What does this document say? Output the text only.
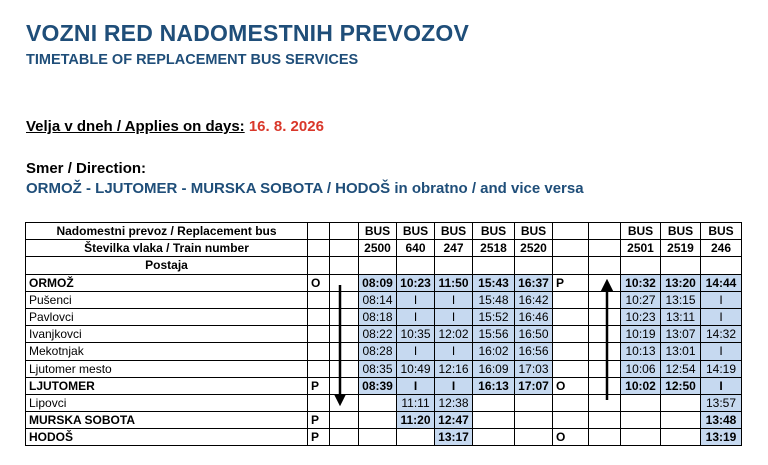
VOZNI RED NADOMESTNIH PREVOZOV
TIMETABLE OF REPLACEMENT BUS SERVICES
Velja v dneh / Applies on days: 16. 8. 2026
Smer / Direction:
ORMOŽ - LJUTOMER - MURSKA SOBOTA / HODOŠ in obratno / and vice versa
Nadomestni prevoz / Replacement bus			BUS	BUS	BUS	BUS	BUS			BUS	BUS	BUS
Številka vlaka / Train number			2500	640	247	2518	2520			2501	2519	246
Postaja												
ORMOŽ	O		08:09	10:23	11:50	15:43	16:37	P		10:32	13:20	14:44
Pušenci			08:14	I	I	15:48	16:42			10:27	13:15	I
Pavlovci			08:18	I	I	15:52	16:46			10:23	13:11	I
Ivanjkovci			08:22	10:35	12:02	15:56	16:50			10:19	13:07	14:32
Mekotnjak			08:28	I	I	16:02	16:56			10:13	13:01	I
Ljutomer mesto			08:35	10:49	12:16	16:09	17:03			10:06	12:54	14:19
LJUTOMER	P		08:39	I	I	16:13	17:07	O		10:02	12:50	I
Lipovci				11:11	12:38							13:57
MURSKA SOBOTA	P			11:20	12:47							13:48
HODOŠ	P				13:17			O				13:19
